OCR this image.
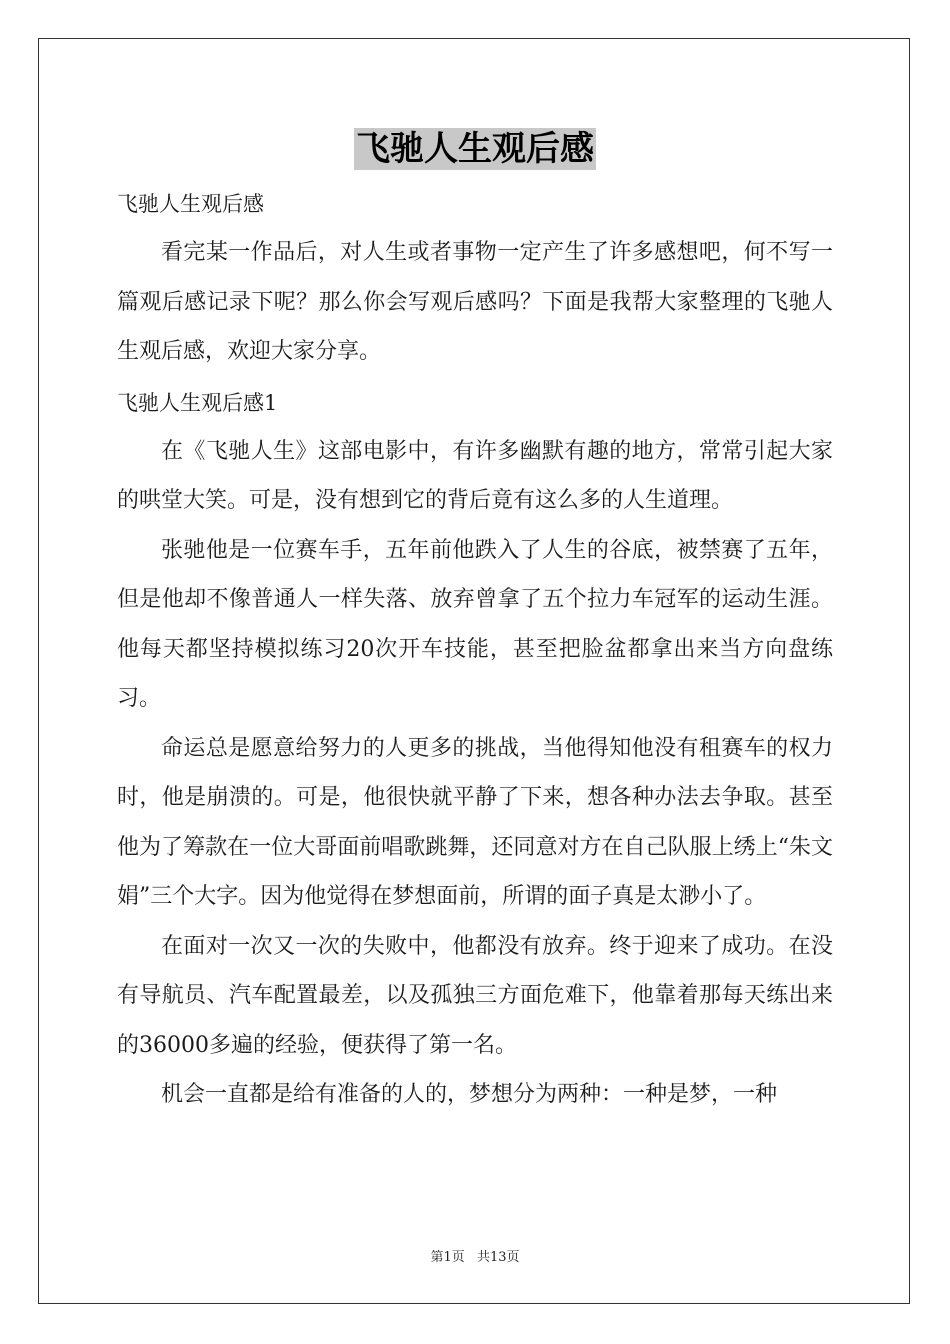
飞驰人生观后感

飞驰人生观后感

看完某一作品后，对人生或者事物一定产生了许多感想吧，何不写一篇观后感记录下呢？那么你会写观后感吗？下面是我帮大家整理的飞驰人生观后感，欢迎大家分享。

飞驰人生观后感1

在《飞驰人生》这部电影中，有许多幽默有趣的地方，常常引起大家的哄堂大笑。可是，没有想到它的背后竟有这么多的人生道理。

张驰他是一位赛车手，五年前他跌入了人生的谷底，被禁赛了五年，但是他却不像普通人一样失落、放弃曾拿了五个拉力车冠军的运动生涯。他每天都坚持模拟练习20次开车技能，甚至把脸盆都拿出来当方向盘练习。

命运总是愿意给努力的人更多的挑战，当他得知他没有租赛车的权力时，他是崩溃的。可是，他很快就平静了下来，想各种办法去争取。甚至他为了筹款在一位大哥面前唱歌跳舞，还同意对方在自己队服上绣上“朱文娟”三个大字。因为他觉得在梦想面前，所谓的面子真是太渺小了。

在面对一次又一次的失败中，他都没有放弃。终于迎来了成功。在没有导航员、汽车配置最差，以及孤独三方面危难下，他靠着那每天练出来的36000多遍的经验，便获得了第一名。

机会一直都是给有准备的人的，梦想分为两种：一种是梦，一种

第1页 共13页
